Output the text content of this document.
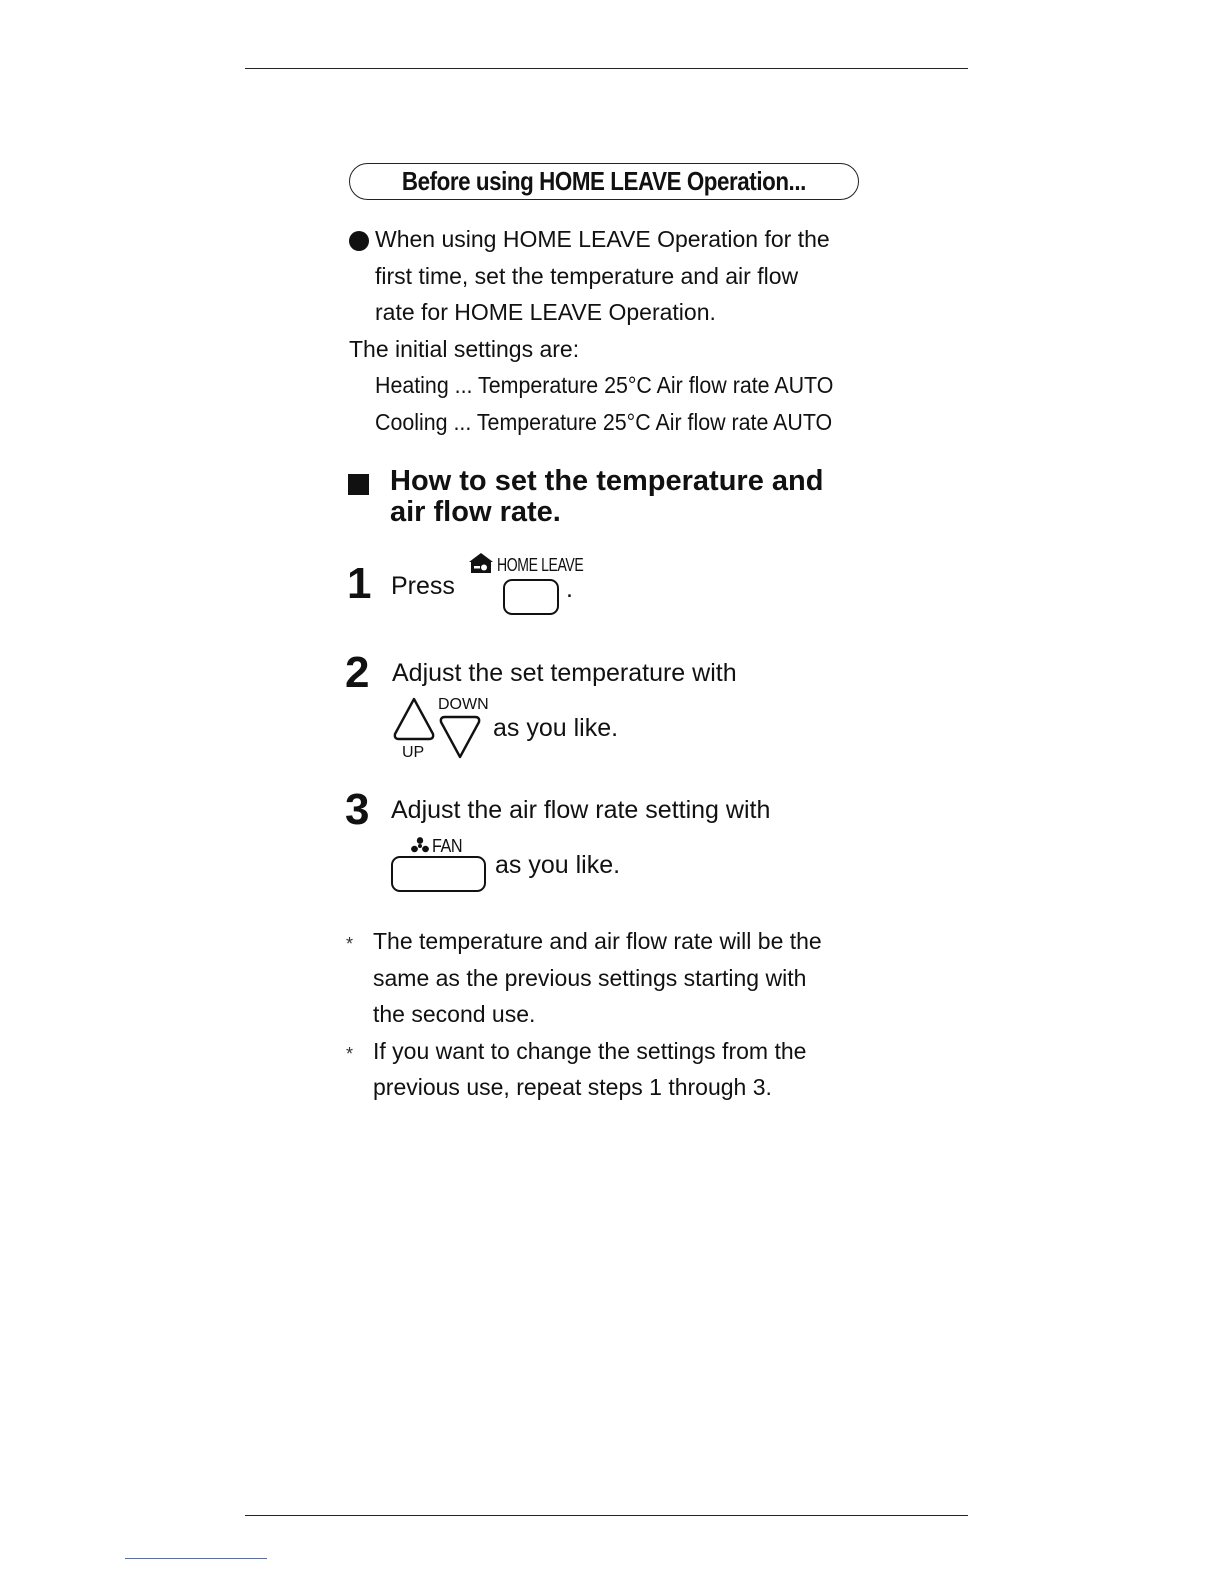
Before using HOME LEAVE Operation...
When using HOME LEAVE Operation for the
first time, set the temperature and air flow
rate for HOME LEAVE Operation.
The initial settings are:
Heating ... Temperature 25°C Air flow rate AUTO
Cooling ... Temperature 25°C Air flow rate AUTO
How to set the temperature and
air flow rate.
1 Press
HOME LEAVE
.
2 Adjust the set temperature with
UP
DOWN
as you like.
3 Adjust the air flow rate setting with
FAN
as you like.
* The temperature and air flow rate will be the
same as the previous settings starting with
the second use.
* If you want to change the settings from the
previous use, repeat steps 1 through 3.
